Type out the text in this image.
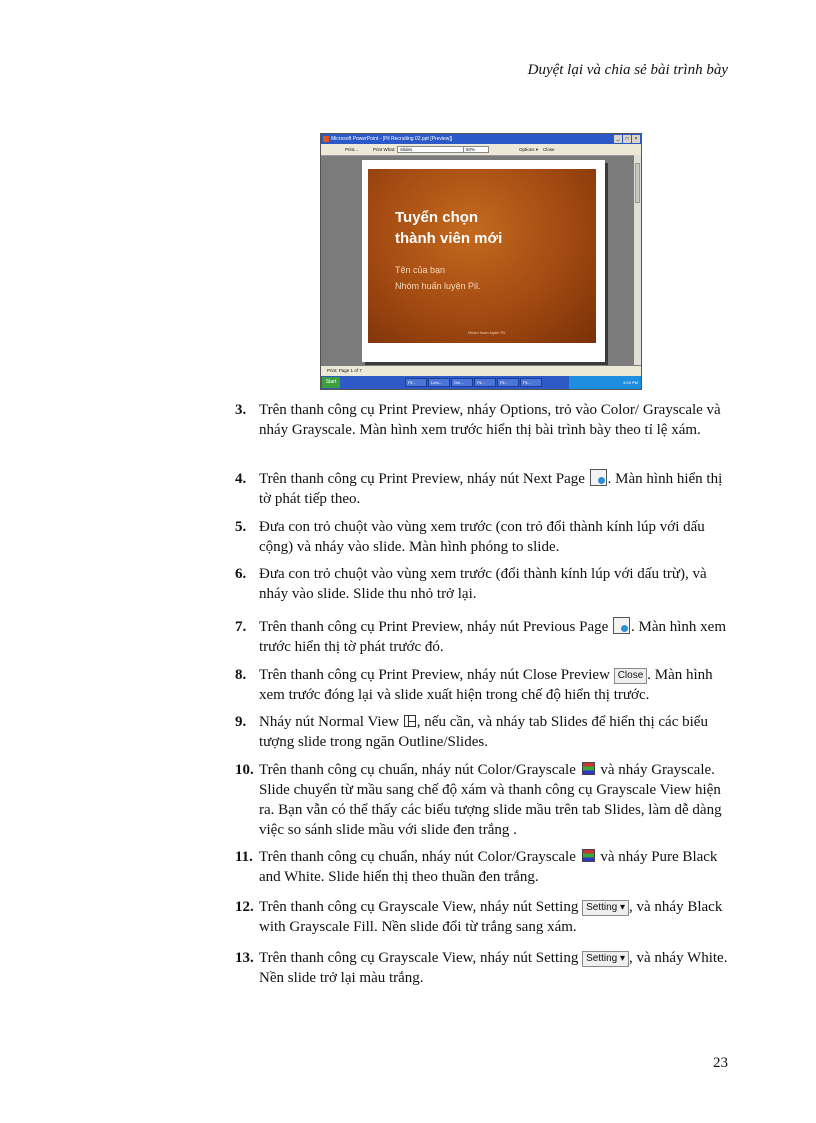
Duyệt lại và chia sẻ bài trình bày
Microsoft PowerPoint - [Pil Recruiting 02.ppt [Preview]]	_	□	×
Print...	Print What: Slides	50%	Options ▾ Close
Tuyển chọn
thành viên mới
Tên của bạn
Nhóm huấn luyện Pil.
Nhóm huấn luyện Pil.
Print: Page 1 of 7
Start	Pil...	Lom...	Gni...	Pil...	Pil...	Pil...	3:03 PM
3. Trên thanh công cụ Print Preview, nháy Options, trỏ vào Color/ Grayscale và nháy Grayscale. Màn hình xem trước hiển thị bài trình bày theo tỉ lệ xám.
4. Trên thanh công cụ Print Preview, nháy nút Next Page . Màn hình hiển thị tờ phát tiếp theo.
5. Đưa con trỏ chuột vào vùng xem trước (con trỏ đổi thành kính lúp với dấu cộng) và nháy vào slide. Màn hình phóng to slide.
6. Đưa con trỏ chuột vào vùng xem trước (đổi thành kính lúp với dấu trừ), và nháy vào slide. Slide thu nhỏ trở lại.
7. Trên thanh công cụ Print Preview, nháy nút Previous Page . Màn hình xem trước hiển thị tờ phát trước đó.
8. Trên thanh công cụ Print Preview, nháy nút Close Preview Close . Màn hình xem trước đóng lại và slide xuất hiện trong chế độ hiển thị trước.
9. Nháy nút Normal View , nếu cần, và nháy tab Slides để hiển thị các biểu tượng slide trong ngăn Outline/Slides.
10. Trên thanh công cụ chuẩn, nháy nút Color/Grayscale và nháy Grayscale. Slide chuyển từ mầu sang chế độ xám và thanh công cụ Grayscale View hiện ra. Bạn vẫn có thể thấy các biểu tượng slide mầu trên tab Slides, làm dễ dàng việc so sánh slide mầu với slide đen trắng .
11. Trên thanh công cụ chuẩn, nháy nút Color/Grayscale và nháy Pure Black and White. Slide hiển thị theo thuần đen trắng.
12. Trên thanh công cụ Grayscale View, nháy nút Setting Setting ▾ , và nháy Black with Grayscale Fill. Nền slide đổi từ trắng sang xám.
13. Trên thanh công cụ Grayscale View, nháy nút Setting Setting ▾ , và nháy White. Nền slide trở lại màu trắng.
23
